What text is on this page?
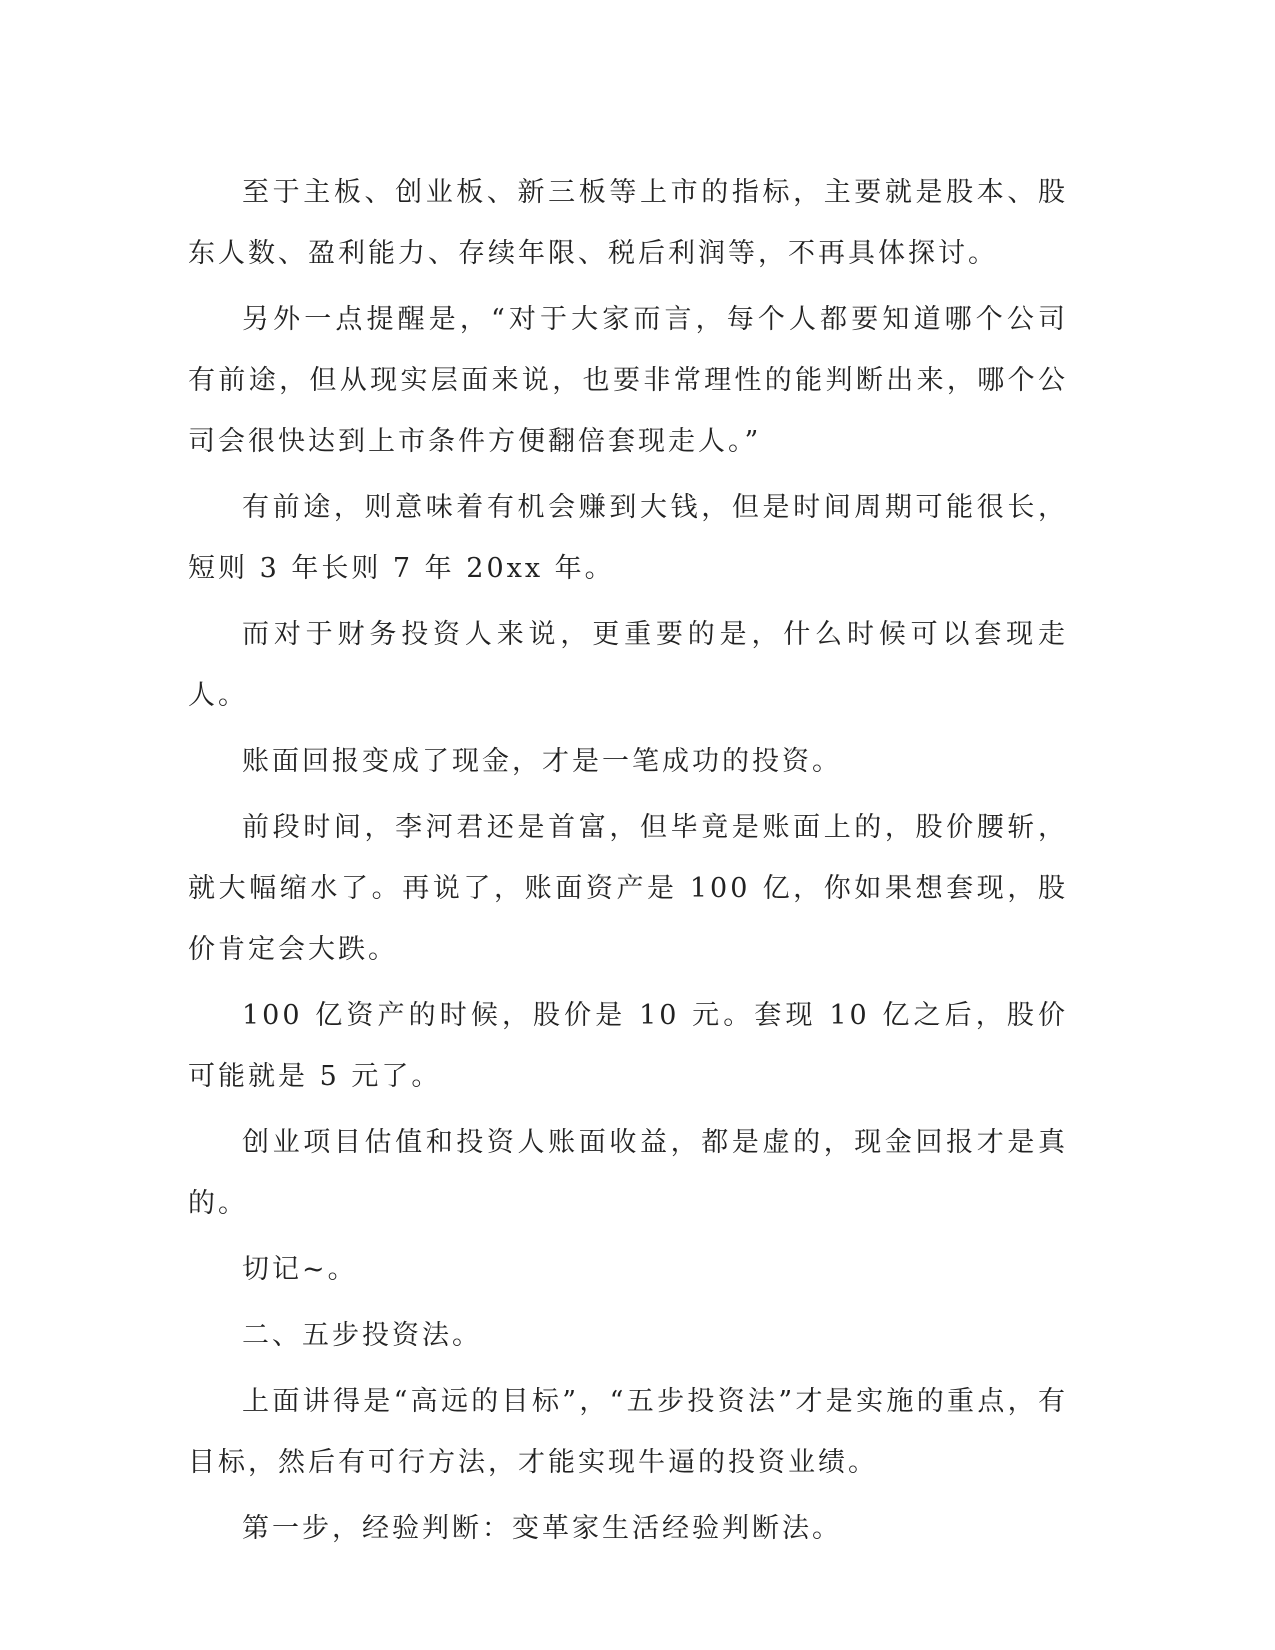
至于主板、创业板、新三板等上市的指标，主要就是股本、股东人数、盈利能力、存续年限、税后利润等，不再具体探讨。

另外一点提醒是，“对于大家而言，每个人都要知道哪个公司有前途，但从现实层面来说，也要非常理性的能判断出来，哪个公司会很快达到上市条件方便翻倍套现走人。”

有前途，则意味着有机会赚到大钱，但是时间周期可能很长，短则 3 年长则 7 年 20xx 年。

而对于财务投资人来说，更重要的是，什么时候可以套现走人。

账面回报变成了现金，才是一笔成功的投资。

前段时间，李河君还是首富，但毕竟是账面上的，股价腰斩，就大幅缩水了。再说了，账面资产是 100 亿，你如果想套现，股价肯定会大跌。

100 亿资产的时候，股价是 10 元。套现 10 亿之后，股价可能就是 5 元了。

创业项目估值和投资人账面收益，都是虚的，现金回报才是真的。

切记~。

二、五步投资法。

上面讲得是“高远的目标”，“五步投资法”才是实施的重点，有目标，然后有可行方法，才能实现牛逼的投资业绩。

第一步，经验判断：变革家生活经验判断法。
